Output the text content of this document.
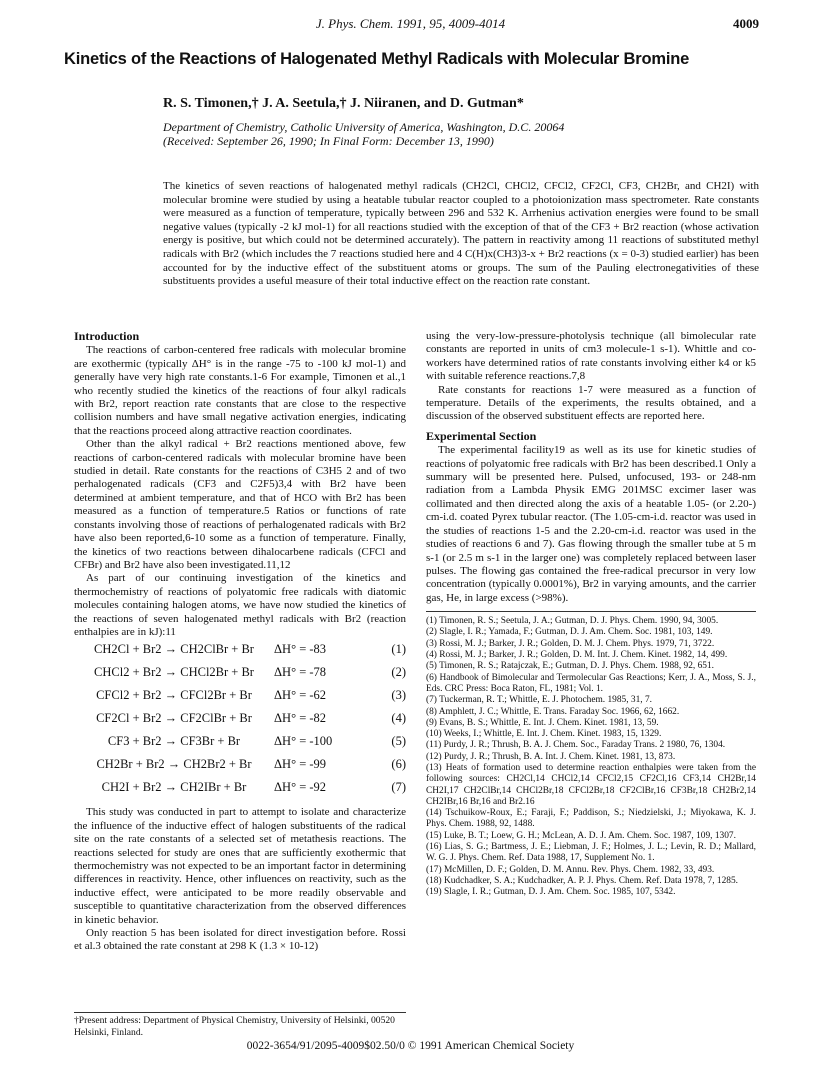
J. Phys. Chem. 1991, 95, 4009-4014	4009
Kinetics of the Reactions of Halogenated Methyl Radicals with Molecular Bromine
R. S. Timonen,† J. A. Seetula,† J. Niiranen, and D. Gutman*
Department of Chemistry, Catholic University of America, Washington, D.C. 20064
(Received: September 26, 1990; In Final Form: December 13, 1990)
The kinetics of seven reactions of halogenated methyl radicals (CH2Cl, CHCl2, CFCl2, CF2Cl, CF3, CH2Br, and CH2I) with molecular bromine were studied by using a heatable tubular reactor coupled to a photoionization mass spectrometer. Rate constants were measured as a function of temperature, typically between 296 and 532 K. Arrhenius activation energies were found to be small negative values (typically -2 kJ mol-1) for all reactions studied with the exception of that of the CF3 + Br2 reaction (whose activation energy is positive, but which could not be determined accurately). The pattern in reactivity among 11 reactions of substituted methyl radicals with Br2 (which includes the 7 reactions studied here and 4 C(H)x(CH3)3-x + Br2 reactions (x = 0-3) studied earlier) has been accounted for by the inductive effect of the substituent atoms or groups. The sum of the Pauling electronegativities of these substituents provides a useful measure of their total inductive effect on the reaction rate constant.
Introduction

The reactions of carbon-centered free radicals with molecular bromine are exothermic (typically ΔH° is in the range -75 to -100 kJ mol-1) and generally have very high rate constants.1-6 For example, Timonen et al.,1 who recently studied the kinetics of the reactions of four alkyl radicals with Br2, report reaction rate constants that are close to the respective collision numbers and have small negative activation energies, indicating that the reactions proceed along attractive reaction coordinates.

Other than the alkyl radical + Br2 reactions mentioned above, few reactions of carbon-centered radicals with molecular bromine have been studied in detail. Rate constants for the reactions of C3H5 2 and of two perhalogenated radicals (CF3 and C2F5)3,4 with Br2 have been determined at ambient temperature, and that of HCO with Br2 has been measured as a function of temperature.5 Ratios or functions of rate constants involving those of reactions of perhalogenated radicals with Br2 have also been reported,6-10 some as a function of temperature. Finally, the kinetics of two reactions between dihalocarbene radicals (CFCl and CFBr) and Br2 have also been investigated.11,12

As part of our continuing investigation of the kinetics and thermochemistry of reactions of polyatomic free radicals with diatomic molecules containing halogen atoms, we have now studied the kinetics of the reactions of seven halogenated methyl radicals with Br2 (reaction enthalpies are in kJ):11

CH2Cl + Br2 → CH2ClBr + Br	ΔH° = -83	(1)
CHCl2 + Br2 → CHCl2Br + Br	ΔH° = -78	(2)
CFCl2 + Br2 → CFCl2Br + Br	ΔH° = -62	(3)
CF2Cl + Br2 → CF2ClBr + Br	ΔH° = -82	(4)
CF3 + Br2 → CF3Br + Br	ΔH° = -100	(5)
CH2Br + Br2 → CH2Br2 + Br	ΔH° = -99	(6)
CH2I + Br2 → CH2IBr + Br	ΔH° = -92	(7)

This study was conducted in part to attempt to isolate and characterize the influence of the inductive effect of halogen substituents of the radical site on the rate constants of a selected set of metathesis reactions. The reactions selected for study are ones that are sufficiently exothermic that thermochemistry was not expected to be an important factor in determining differences in reactivity. Hence, other influences on reactivity, such as the inductive effect, were anticipated to be more readily observable and susceptible to quantitative characterization from the observed differences in kinetic behavior.

Only reaction 5 has been isolated for direct investigation before. Rossi et al.3 obtained the rate constant at 298 K (1.3 × 10-12)

†Present address: Department of Physical Chemistry, University of Helsinki, 00520 Helsinki, Finland.

using the very-low-pressure-photolysis technique (all bimolecular rate constants are reported in units of cm3 molecule-1 s-1). Whittle and co-workers have determined ratios of rate constants involving either k4 or k5 with suitable reference reactions.7,8

Rate constants for reactions 1-7 were measured as a function of temperature. Details of the experiments, the results obtained, and a discussion of the observed substituent effects are reported here.

Experimental Section

The experimental facility19 as well as its use for kinetic studies of reactions of polyatomic free radicals with Br2 has been described.1 Only a summary will be presented here. Pulsed, unfocused, 193- or 248-nm radiation from a Lambda Physik EMG 201MSC excimer laser was collimated and then directed along the axis of a heatable 1.05- (or 2.20-) cm-i.d. coated Pyrex tubular reactor. (The 1.05-cm-i.d. reactor was used in the studies of reactions 1-5 and the 2.20-cm-i.d. reactor was used in the studies of reactions 6 and 7). Gas flowing through the smaller tube at 5 m s-1 (or 2.5 m s-1 in the larger one) was completely replaced between laser pulses. The flowing gas contained the free-radical precursor in very low concentration (typically 0.0001%), Br2 in varying amounts, and the carrier gas, He, in large excess (>98%).

(1) Timonen, R. S.; Seetula, J. A.; Gutman, D. J. Phys. Chem. 1990, 94, 3005.
(2) Slagle, I. R.; Yamada, F.; Gutman, D. J. Am. Chem. Soc. 1981, 103, 149.
(3) Rossi, M. J.; Barker, J. R.; Golden, D. M. J. Chem. Phys. 1979, 71, 3722.
(4) Rossi, M. J.; Barker, J. R.; Golden, D. M. Int. J. Chem. Kinet. 1982, 14, 499.
(5) Timonen, R. S.; Ratajczak, E.; Gutman, D. J. Phys. Chem. 1988, 92, 651.
(6) Handbook of Bimolecular and Termolecular Gas Reactions; Kerr, J. A., Moss, S. J., Eds. CRC Press: Boca Raton, FL, 1981; Vol. 1.
(7) Tuckerman, R. T.; Whittle, E. J. Photochem. 1985, 31, 7.
(8) Amphlett, J. C.; Whittle, E. Trans. Faraday Soc. 1966, 62, 1662.
(9) Evans, B. S.; Whittle, E. Int. J. Chem. Kinet. 1981, 13, 59.
(10) Weeks, I.; Whittle, E. Int. J. Chem. Kinet. 1983, 15, 1329.
(11) Purdy, J. R.; Thrush, B. A. J. Chem. Soc., Faraday Trans. 2 1980, 76, 1304.
(12) Purdy, J. R.; Thrush, B. A. Int. J. Chem. Kinet. 1981, 13, 873.
(13) Heats of formation used to determine reaction enthalpies were taken from the following sources: CH2Cl,14 CHCl2,14 CFCl2,15 CF2Cl,16 CF3,14 CH2Br,14 CH2I,17 CH2ClBr,14 CHCl2Br,18 CFCl2Br,18 CF2ClBr,16 CF3Br,18 CH2Br2,14 CH2IBr,16 Br,16 and Br2.16
(14) Tschuikow-Roux, E.; Faraji, F.; Paddison, S.; Niedzielski, J.; Miyokawa, K. J. Phys. Chem. 1988, 92, 1488.
(15) Luke, B. T.; Loew, G. H.; McLean, A. D. J. Am. Chem. Soc. 1987, 109, 1307.
(16) Lias, S. G.; Bartmess, J. E.; Liebman, J. F.; Holmes, J. L.; Levin, R. D.; Mallard, W. G. J. Phys. Chem. Ref. Data 1988, 17, Supplement No. 1.
(17) McMillen, D. F.; Golden, D. M. Annu. Rev. Phys. Chem. 1982, 33, 493.
(18) Kudchadker, S. A.; Kudchadker, A. P. J. Phys. Chem. Ref. Data 1978, 7, 1285.
(19) Slagle, I. R.; Gutman, D. J. Am. Chem. Soc. 1985, 107, 5342.
0022-3654/91/2095-4009$02.50/0 © 1991 American Chemical Society
